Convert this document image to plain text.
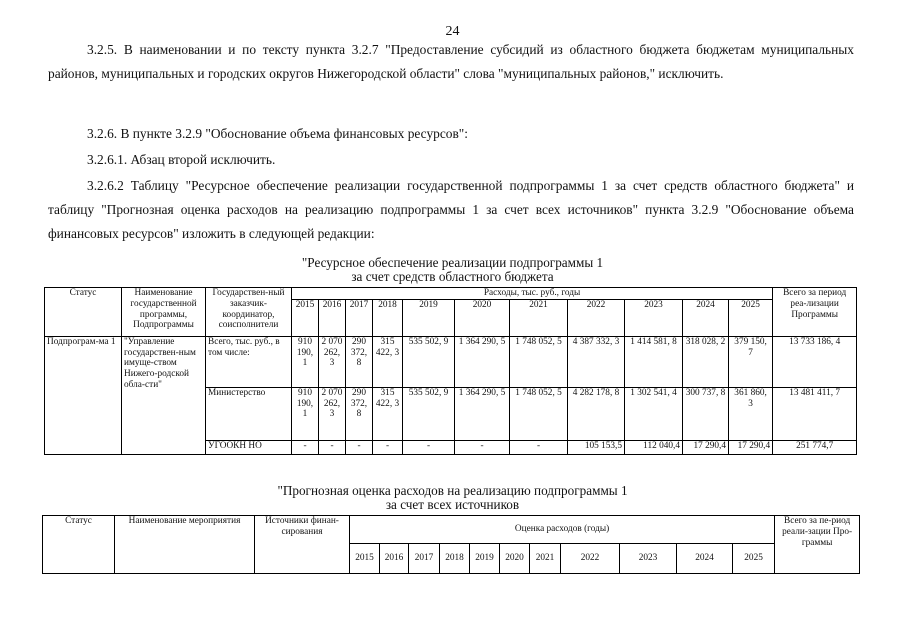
24
3.2.5. В наименовании и по тексту пункта 3.2.7 "Предоставление субсидий из областного бюджета бюджетам муниципальных районов, муниципальных и городских округов Нижегородской области" слова "муниципальных районов," исключить.
3.2.6. В пункте 3.2.9 "Обоснование объема финансовых ресурсов":
3.2.6.1. Абзац второй исключить.
3.2.6.2 Таблицу "Ресурсное обеспечение реализации государственной подпрограммы 1 за счет средств областного бюджета" и таблицу "Прогнозная оценка расходов на реализацию подпрограммы 1 за счет всех источников" пункта 3.2.9 "Обоснование объема финансовых ресурсов" изложить в следующей редакции:
"Ресурсное обеспечение реализации подпрограммы 1
за счет средств областного бюджета
Статус	Наименование государственной программы, Подпрограммы	Государствен-ный заказчик-координатор, соисполнители	Расходы, тыс. руб., годы											Всего за период реа-лизации Программы
			2015	2016	2017	2018	2019	2020	2021	2022	2023	2024	2025	
Подпрограм-ма 1	"Управление государствен-ным имуще-ством Нижего-родской обла-сти"	Всего, тыс. руб., в том числе:	910 190, 1	2 070 262, 3	290 372, 8	315 422, 3	535 502, 9	1 364 290, 5	1 748 052, 5	4 387 332, 3	1 414 581, 8	318 028, 2	379 150, 7	13 733 186, 4
		Министерство	910 190, 1	2 070 262, 3	290 372, 8	315 422, 3	535 502, 9	1 364 290, 5	1 748 052, 5	4 282 178, 8	1 302 541, 4	300 737, 8	361 860, 3	13 481 411, 7
		УГООКН НО	-	-	-	-	-	-	-	105 153,5	112 040,4	17 290,4	17 290,4	251 774,7
"Прогнозная оценка расходов на реализацию подпрограммы 1
за счет всех источников
Статус	Наименование мероприятия	Источники финан-сирования	Оценка расходов (годы)											Всего за пе-риод реали-зации Про-граммы
			2015	2016	2017	2018	2019	2020	2021	2022	2023	2024	2025	
